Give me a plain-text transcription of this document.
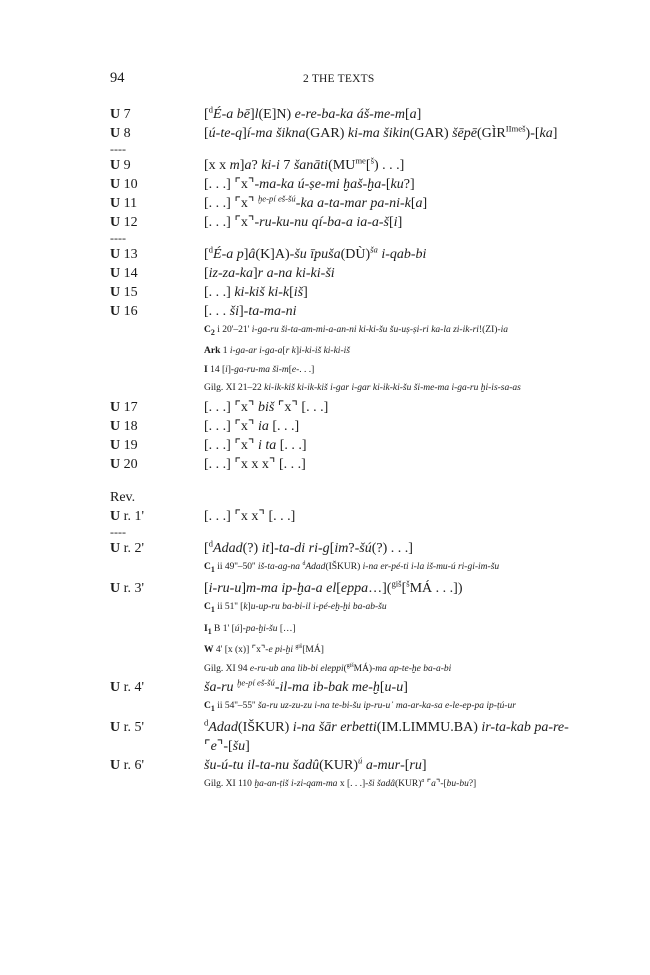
94	2 THE TEXTS
U 7	[$^d$É-a bē]l(E]N) e-re-ba-ka áš-me-m[a]
U 8	[ú-te-q]í-ma šikna(GAR) ki-ma šikin(GAR) $šēpē(GÌR^{IImeš})-[ka]$
----
U 9	[x x m]a? ki-i 7 $šanāti(MU^{me}[^š)$ . . .]
U 10	[. . .] ⌜x⌝-ma-ka ú-ṣe-mi ḫaš-ḫa-[ku?]
U 11	[. . .] ⌜x⌝ $^{ḫe-pí eš-šú}$-ka a-ta-mar pa-ni-k[a]
U 12	[. . .] ⌜x⌝-ru-ku-nu qí-ba-a ia-a-š[i]
----
U 13	[$^d$É-a p]â(K]A)-šu īpuša(DÙ)$^{ša}$ i-qab-bi
U 14	[iz-za-ka]r a-na ki-ki-ši
U 15	[. . .] ki-kiš ki-k[iš]
U 16	[. . . ši]-ta-ma-ni
$C_2$ i 20'–21' i-ga-ru ši-ta-am-mi-a-an-ni ki-ki-šu šu-uṣ-ṣi-ri ka-la zi-ik-ri!(ZI)-ia
Ark 1 i-ga-ar i-ga-a[r k]i-ki-iš ki-ki-iš
I 14 [i]-ga-ru-ma ši-m[e-. . .]
Gilg. XI 21–22 ki-ik-kiš ki-ik-kiš i-gar i-gar ki-ik-ki-šu ši-me-ma i-ga-ru ḫi-is-sa-as
U 17	[. . .] ⌜x⌝ biš ⌜x⌝ [. . .]
U 18	[. . .] ⌜x⌝ ia [. . .]
U 19	[. . .] ⌜x⌝ i ta [. . .]
U 20	[. . .] ⌜x x x⌝ [. . .]
Rev.
U r. 1'	[. . .] ⌜x x⌝ [. . .]
----
U r. 2'	[$^d$Adad(?) it]-ta-di ri-g[im?-šú(?) . . .]
$C_1$ ii 49''–50'' iš-ta-ag-na $^d$Adad(IŠKUR) i-na er-pé-ti i-la iš-mu-ú ri-gi-im-šu
U r. 3'	[i-ru-u]m-ma ip-ḫa-a el[eppa…]($^{giš}$[$^š$MÁ . . .])
$C_1$ ii 51'' [k]u-up-ru ba-bi-il i-pé-eḫ-ḫi ba-ab-šu
$I_1$ B 1' [ú]-pa-ḫi-šu […]
W 4' [x (x)] ⌜x⌝-e pi-ḫi $^{giš}$[MÁ]
Gilg. XI 94 e-ru-ub ana lib-bi eleppi($^{giš}$MÁ)-ma ap-te-ḫe ba-a-bi
U r. 4'	ša-ru $^{ḫe-pí eš-šú}$-il-ma ib-bak me-ḫ[u-u]
$C_1$ ii 54''–55'' ša-ru uz-zu-zu i-na te-bi-šu ip-ru-u᾽ ma-ar-ka-sa e-le-ep-pa ip-ṭú-ur
U r. 5'	$^d$Adad(IŠKUR) i-na šār erbetti(IM.LIMMU.BA) ir-ta-kab pa-re-⌜e⌝-[šu]
U r. 6'	šu-ú-tu il-ta-nu šadû(KUR)$^ú$ a-mur-[ru]
Gilg. XI 110 ḫa-an-ṭiš i-zi-qam-ma x [. . .]-ši šadâ(KUR)$^a$ ⌜a⌝-[bu-bu?]
